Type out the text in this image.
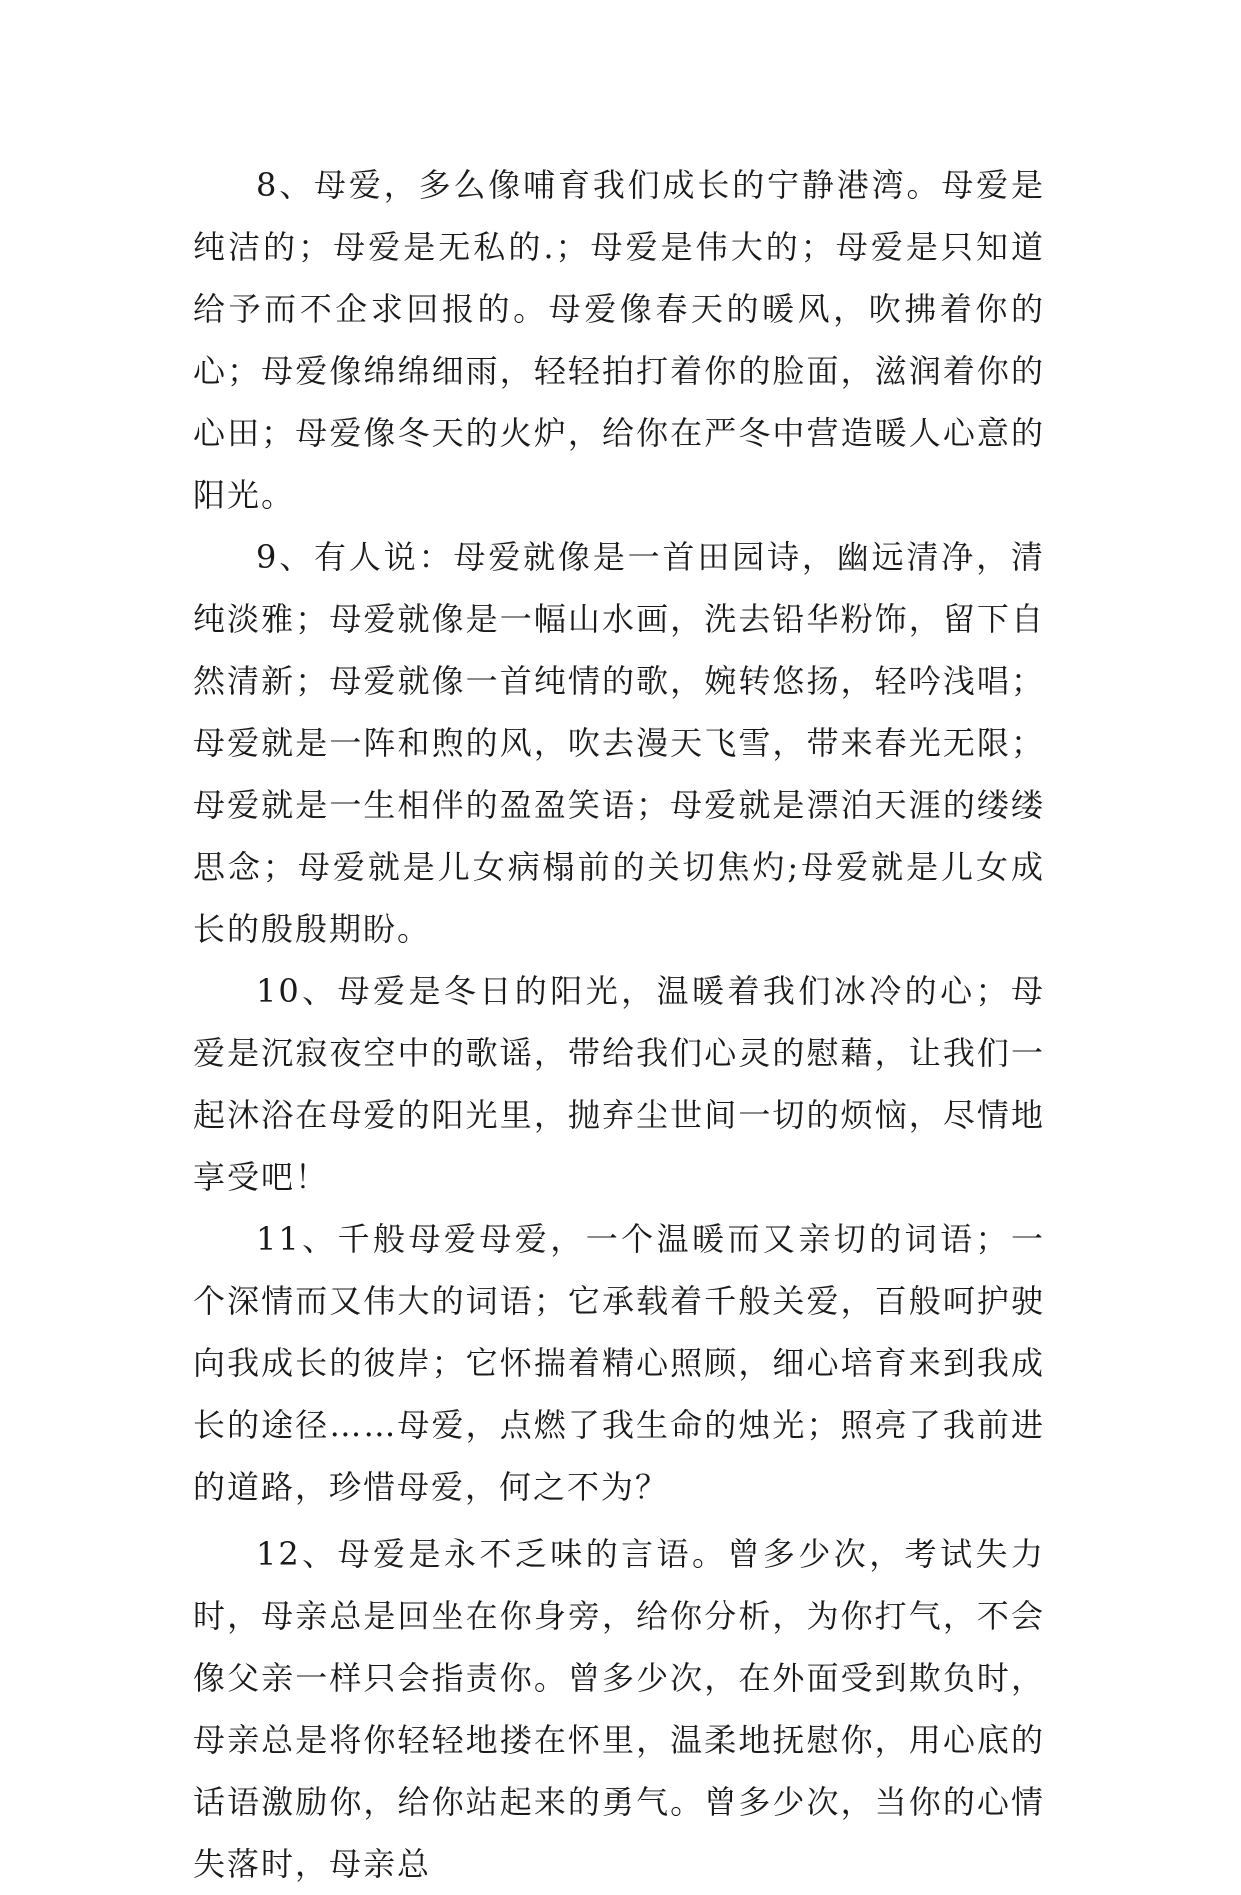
8、母爱，多么像哺育我们成长的宁静港湾。母爱是纯洁的；母爱是无私的.；母爱是伟大的；母爱是只知道给予而不企求回报的。母爱像春天的暖风，吹拂着你的心；母爱像绵绵细雨，轻轻拍打着你的脸面，滋润着你的心田；母爱像冬天的火炉，给你在严冬中营造暖人心意的阳光。

9、有人说：母爱就像是一首田园诗，幽远清净，清纯淡雅；母爱就像是一幅山水画，洗去铅华粉饰，留下自然清新；母爱就像一首纯情的歌，婉转悠扬，轻吟浅唱；母爱就是一阵和煦的风，吹去漫天飞雪，带来春光无限；母爱就是一生相伴的盈盈笑语；母爱就是漂泊天涯的缕缕思念；母爱就是儿女病榻前的关切焦灼;母爱就是儿女成长的殷殷期盼。

10、母爱是冬日的阳光，温暖着我们冰冷的心；母爱是沉寂夜空中的歌谣，带给我们心灵的慰藉，让我们一起沐浴在母爱的阳光里，抛弃尘世间一切的烦恼，尽情地享受吧！

11、千般母爱母爱，一个温暖而又亲切的词语；一个深情而又伟大的词语；它承载着千般关爱，百般呵护驶向我成长的彼岸；它怀揣着精心照顾，细心培育来到我成长的途径……母爱，点燃了我生命的烛光；照亮了我前进的道路，珍惜母爱，何之不为？

12、母爱是永不乏味的言语。曾多少次，考试失力时，母亲总是回坐在你身旁，给你分析，为你打气，不会像父亲一样只会指责你。曾多少次，在外面受到欺负时，母亲总是将你轻轻地搂在怀里，温柔地抚慰你，用心底的话语激励你，给你站起来的勇气。曾多少次，当你的心情失落时，母亲总
